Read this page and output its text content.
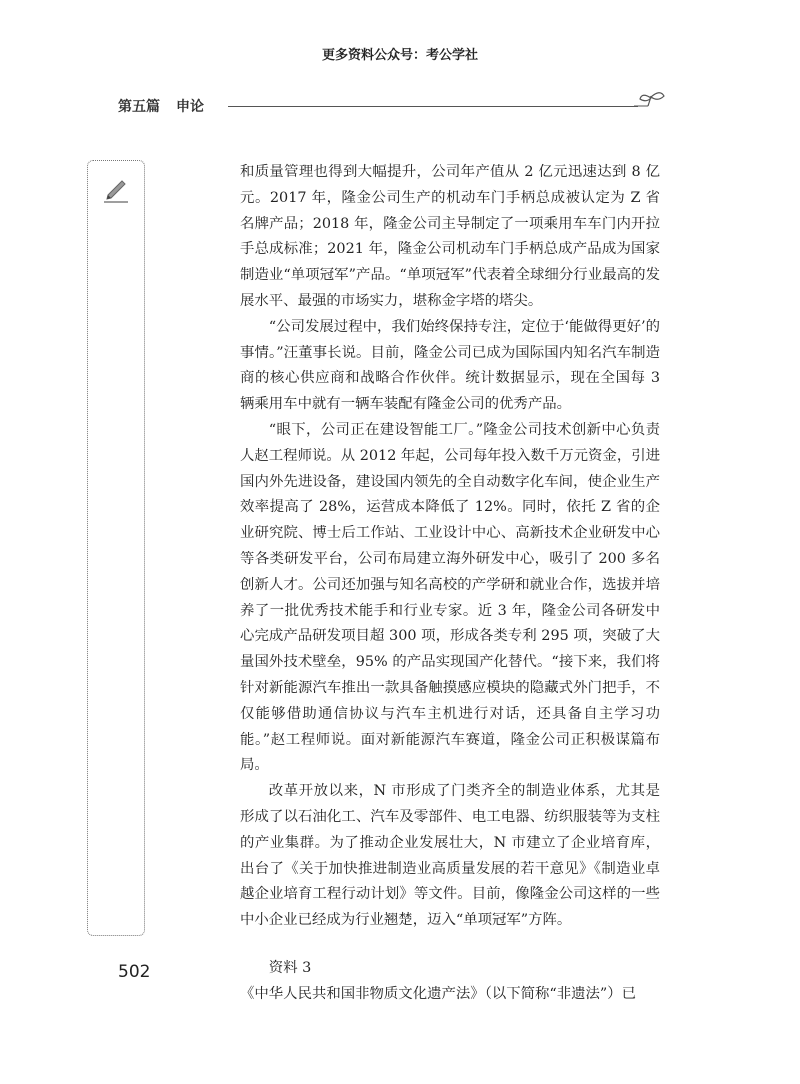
更多资料公众号：考公学社
第五篇 申论

和质量管理也得到大幅提升，公司年产值从 2 亿元迅速达到 8 亿元。2017 年，隆金公司生产的机动车门手柄总成被认定为 Z 省名牌产品；2018 年，隆金公司主导制定了一项乘用车车门内开拉手总成标准；2021 年，隆金公司机动车门手柄总成产品成为国家制造业“单项冠军”产品。“单项冠军”代表着全球细分行业最高的发展水平、最强的市场实力，堪称金字塔的塔尖。

“公司发展过程中，我们始终保持专注，定位于‘能做得更好’的事情。”汪董事长说。目前，隆金公司已成为国际国内知名汽车制造商的核心供应商和战略合作伙伴。统计数据显示，现在全国每 3 辆乘用车中就有一辆车装配有隆金公司的优秀产品。

“眼下，公司正在建设智能工厂。”隆金公司技术创新中心负责人赵工程师说。从 2012 年起，公司每年投入数千万元资金，引进国内外先进设备，建设国内领先的全自动数字化车间，使企业生产效率提高了 28%，运营成本降低了 12%。同时，依托 Z 省的企业研究院、博士后工作站、工业设计中心、高新技术企业研发中心等各类研发平台，公司布局建立海外研发中心，吸引了 200 多名创新人才。公司还加强与知名高校的产学研和就业合作，选拔并培养了一批优秀技术能手和行业专家。近 3 年，隆金公司各研发中心完成产品研发项目超 300 项，形成各类专利 295 项，突破了大量国外技术壁垒，95% 的产品实现国产化替代。“接下来，我们将针对新能源汽车推出一款具备触摸感应模块的隐藏式外门把手，不仅能够借助通信协议与汽车主机进行对话，还具备自主学习功能。”赵工程师说。面对新能源汽车赛道，隆金公司正积极谋篇布局。

改革开放以来，N 市形成了门类齐全的制造业体系，尤其是形成了以石油化工、汽车及零部件、电工电器、纺织服装等为支柱的产业集群。为了推动企业发展壮大，N 市建立了企业培育库，出台了《关于加快推进制造业高质量发展的若干意见》《制造业卓越企业培育工程行动计划》等文件。目前，像隆金公司这样的一些中小企业已经成为行业翘楚，迈入“单项冠军”方阵。

资料 3

《中华人民共和国非物质文化遗产法》（以下简称“非遗法”）已

502
